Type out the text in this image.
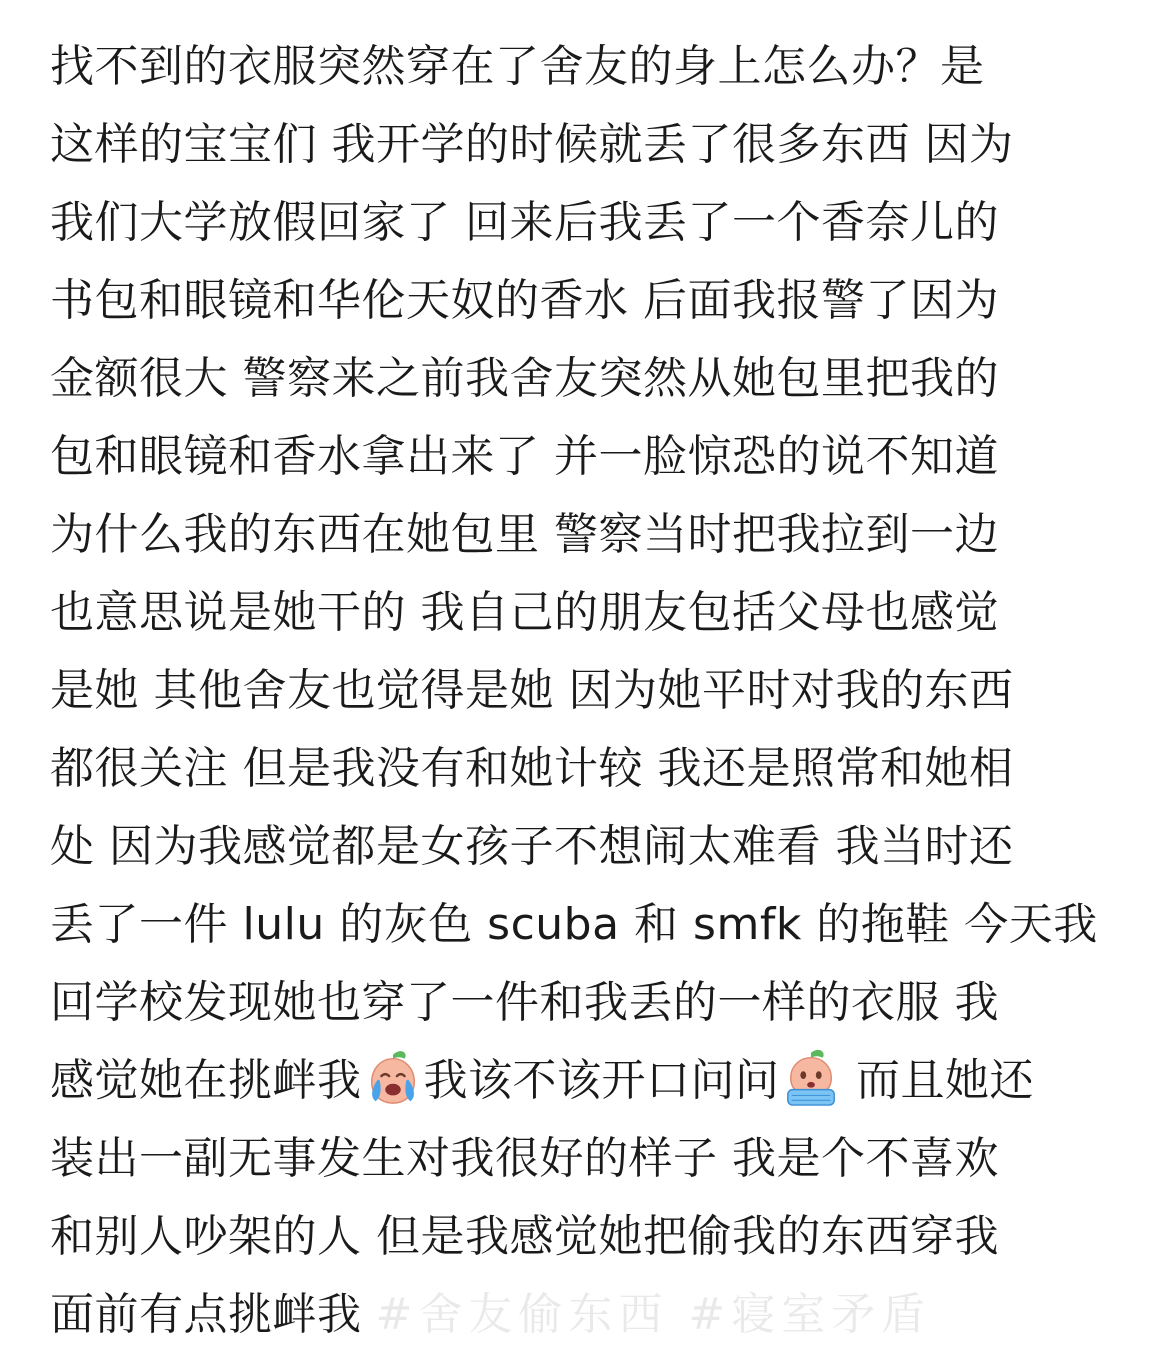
找不到的衣服突然穿在了舍友的身上怎么办？是
这样的宝宝们 我开学的时候就丢了很多东西 因为
我们大学放假回家了 回来后我丢了一个香奈儿的
书包和眼镜和华伦天奴的香水 后面我报警了因为
金额很大 警察来之前我舍友突然从她包里把我的
包和眼镜和香水拿出来了 并一脸惊恐的说不知道
为什么我的东西在她包里 警察当时把我拉到一边
也意思说是她干的 我自己的朋友包括父母也感觉
是她 其他舍友也觉得是她 因为她平时对我的东西
都很关注 但是我没有和她计较 我还是照常和她相
处 因为我感觉都是女孩子不想闹太难看 我当时还
丢了一件 lulu 的灰色 scuba 和 smfk 的拖鞋 今天我
回学校发现她也穿了一件和我丢的一样的衣服 我
感觉她在挑衅我 我该不该开口问问 而且她还
装出一副无事发生对我很好的样子 我是个不喜欢
和别人吵架的人 但是我感觉她把偷我的东西穿我
面前有点挑衅我 #舍友偷东西 #寝室矛盾
